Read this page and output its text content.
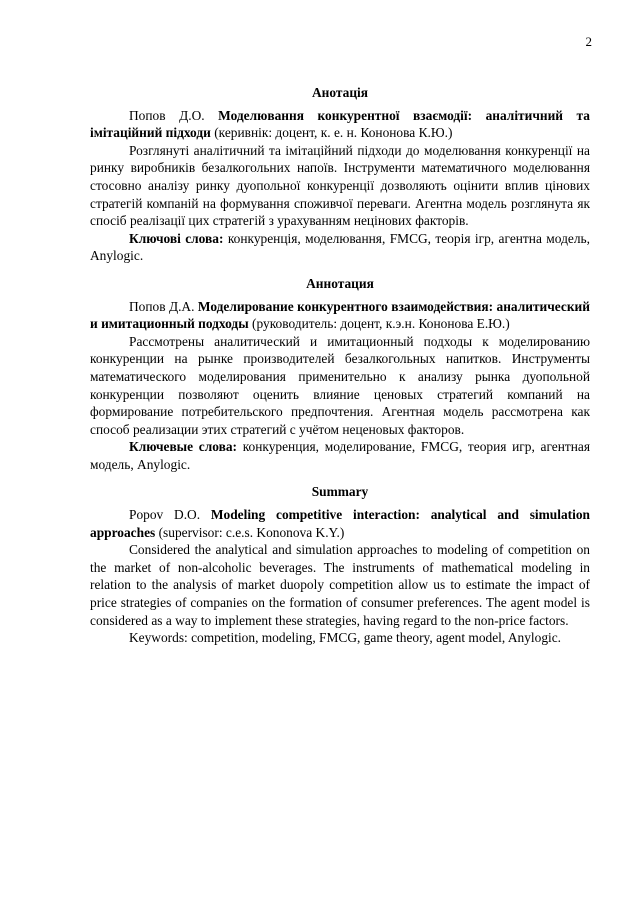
2

Анотація

Попов Д.О. Моделювання конкурентної взаємодії: аналітичний та імітаційний підходи (керивнік: доцент, к. е. н. Кононова К.Ю.)

Розглянуті аналітичний та імітаційний підходи до моделювання конкуренції на ринку виробників безалкогольних напоїв. Інструменти математичного моделювання стосовно аналізу ринку дуопольної конкуренції дозволяють оцінити вплив цінових стратегій компаній на формування споживчої переваги. Агентна модель розглянута як спосіб реалізації цих стратегій з урахуванням нецінових факторів.

Ключові слова: конкуренція, моделювання, FMCG, теорія ігр, агентна модель, Anylogic.

Аннотация

Попов Д.А. Моделирование конкурентного взаимодействия: аналитический и имитационный подходы (руководитель: доцент, к.э.н. Кононова Е.Ю.)

Рассмотрены аналитический и имитационный подходы к моделированию конкуренции на рынке производителей безалкогольных напитков. Инструменты математического моделирования применительно к анализу рынка дуопольной конкуренции позволяют оценить влияние ценовых стратегий компаний на формирование потребительского предпочтения. Агентная модель рассмотрена как способ реализации этих стратегий с учётом неценовых факторов.

Ключевые слова: конкуренция, моделирование, FMCG, теория игр, агентная модель, Anylogic.

Summary

Popov D.O. Modeling competitive interaction: analytical and simulation approaches (supervisor: c.e.s. Kononova K.Y.)

Considered the analytical and simulation approaches to modeling of competition on the market of non-alcoholic beverages. The instruments of mathematical modeling in relation to the analysis of market duopoly competition allow us to estimate the impact of price strategies of companies on the formation of consumer preferences. The agent model is considered as a way to implement these strategies, having regard to the non-price factors.

Keywords: competition, modeling, FMCG, game theory, agent model, Anylogic.
